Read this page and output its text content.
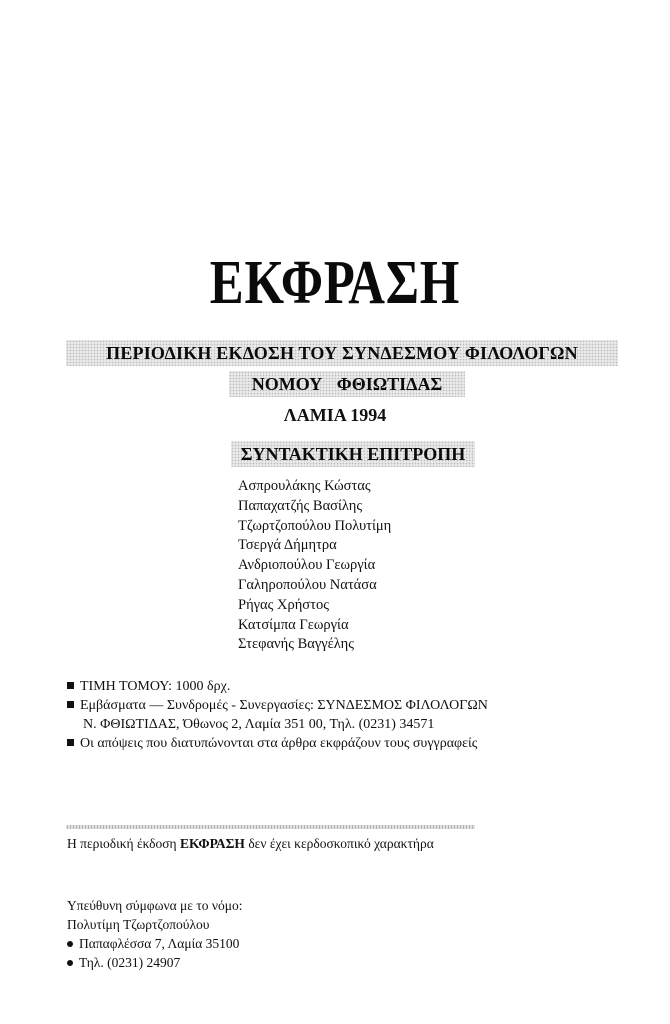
ΕΚΦΡΑΣΗ
ΠΕΡΙΟΔΙΚΗ ΕΚΔΟΣΗ ΤΟΥ ΣΥΝΔΕΣΜΟΥ ΦΙΛΟΛΟΓΩΝ
ΝΟΜΟΥ ΦΘΙΩΤΙΔΑΣ
ΛΑΜΙΑ 1994
ΣΥΝΤΑΚΤΙΚΗ ΕΠΙΤΡΟΠΗ
Ασπρουλάκης Κώστας
Παπαχατζής Βασίλης
Τζωρτζοπούλου Πολυτίμη
Τσεργά Δήμητρα
Ανδριοπούλου Γεωργία
Γαληροπούλου Νατάσα
Ρήγας Χρήστος
Κατσίμπα Γεωργία
Στεφανής Βαγγέλης
ΤΙΜΗ ΤΟΜΟΥ: 1000 δρχ.
Εμβάσματα — Συνδρομές - Συνεργασίες: ΣΥΝΔΕΣΜΟΣ ΦΙΛΟΛΟΓΩΝ
Ν. ΦΘΙΩΤΙΔΑΣ, Όθωνος 2, Λαμία 351 00, Τηλ. (0231) 34571
Οι απόψεις που διατυπώνονται στα άρθρα εκφράζουν τους συγγραφείς
Η περιοδική έκδοση ΕΚΦΡΑΣΗ δεν έχει κερδοσκοπικό χαρακτήρα
Υπεύθυνη σύμφωνα με το νόμο:
Πολυτίμη Τζωρτζοπούλου
Παπαφλέσσα 7, Λαμία 35100
Τηλ. (0231) 24907
